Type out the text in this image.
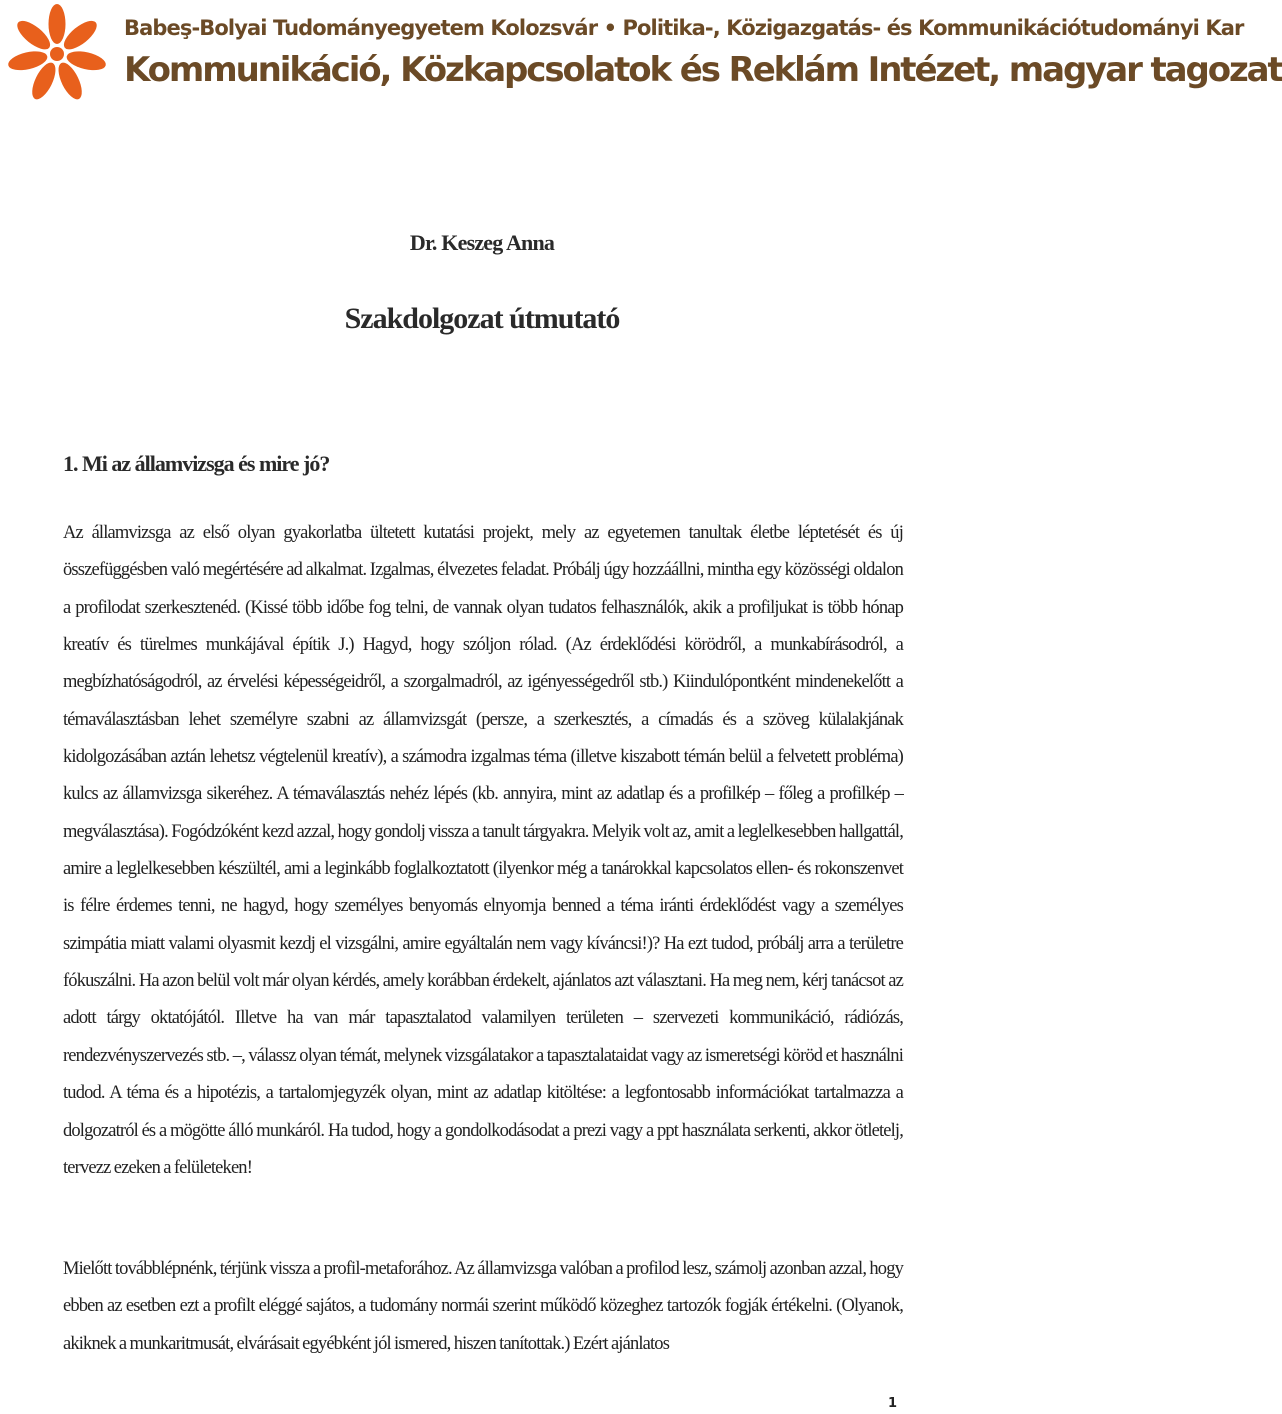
Babeş-Bolyai Tudományegyetem Kolozsvár • Politika-, Közigazgatás- és Kommunikációtudományi Kar
Kommunikáció, Közkapcsolatok és Reklám Intézet, magyar tagozat
Dr. Keszeg Anna
Szakdolgozat útmutató
1. Mi az államvizsga és mire jó?
Az államvizsga az első olyan gyakorlatba ültetett kutatási projekt, mely az egyetemen tanultak életbe léptetését és új összefüggésben való megértésére ad alkalmat. Izgalmas, élvezetes feladat. Próbálj úgy hozzáállni, mintha egy közösségi oldalon a profilodat szerkesztenéd. (Kissé több időbe fog telni, de vannak olyan tudatos felhasználók, akik a profiljukat is több hónap kreatív és türelmes munkájával építik J.) Hagyd, hogy szóljon rólad. (Az érdeklődési körödről, a munkabírásodról, a megbízhatóságodról, az érvelési képességeidről, a szorgalmadról, az igényességedről stb.) Kiindulópontként mindenekelőtt a témaválasztásban lehet személyre szabni az államvizsgát (persze, a szerkesztés, a címadás és a szöveg külalakjának kidolgozásában aztán lehetsz végtelenül kreatív), a számodra izgalmas téma (illetve kiszabott témán belül a felvetett probléma) kulcs az államvizsga sikeréhez. A témaválasztás nehéz lépés (kb. annyira, mint az adatlap és a profilkép – főleg a profilkép – megválasztása). Fogódzóként kezd azzal, hogy gondolj vissza a tanult tárgyakra. Melyik volt az, amit a leglelkesebben hallgattál, amire a leglelkesebben készültél, ami a leginkább foglalkoztatott (ilyenkor még a tanárokkal kapcsolatos ellen- és rokonszenvet is félre érdemes tenni, ne hagyd, hogy személyes benyomás elnyomja benned a téma iránti érdeklődést vagy a személyes szimpátia miatt valami olyasmit kezdj el vizsgálni, amire egyáltalán nem vagy kíváncsi!)? Ha ezt tudod, próbálj arra a területre fókuszálni. Ha azon belül volt már olyan kérdés, amely korábban érdekelt, ajánlatos azt választani. Ha meg nem, kérj tanácsot az adott tárgy oktatójától. Illetve ha van már tapasztalatod valamilyen területen – szervezeti kommunikáció, rádiózás, rendezvényszervezés stb. –, válassz olyan témát, melynek vizsgálatakor a tapasztalataidat vagy az ismeretségi köröd et használni tudod. A téma és a hipotézis, a tartalomjegyzék olyan, mint az adatlap kitöltése: a legfontosabb információkat tartalmazza a dolgozatról és a mögötte álló munkáról. Ha tudod, hogy a gondolkodásodat a prezi vagy a ppt használata serkenti, akkor ötletelj, tervezz ezeken a felületeken!
Mielőtt továbblépnénk, térjünk vissza a profil-metaforához. Az államvizsga valóban a profilod lesz, számolj azonban azzal, hogy ebben az esetben ezt a profilt eléggé sajátos, a tudomány normái szerint működő közeghez tartozók fogják értékelni. (Olyanok, akiknek a munkaritmusát, elvárásait egyébként jól ismered, hiszen tanítottak.) Ezért ajánlatos
1
